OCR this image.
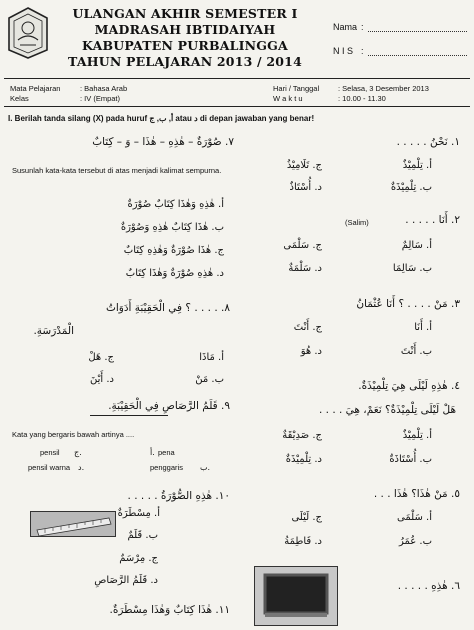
ULANGAN AKHIR SEMESTER I
MADRASAH IBTIDAIYAH
KABUPATEN PURBALINGGA
TAHUN PELAJARAN 2013 / 2014
Nama :
N I S :
Mata Pelajaran	: Bahasa Arab
Kelas	: IV (Empat)
Hari / Tanggal	: Selasa, 3 Desember 2013
W a k t u	: 10.00 - 11.30
I. Berilah tanda silang (X) pada huruf أ, ب, ج atau د di depan jawaban yang benar!
٧. صُوْرَةٌ – هٰذِهِ – هٰذَا – وَ – كِتَابٌ
Susunlah kata-kata tersebut di atas menjadi kalimat sempurna.
أ. هٰذِهِ وَهٰذَا كِتَابٌ صُوْرَةٌ
ب. هٰذَا كِتَابٌ هٰذِهِ وَصُوْرَةٌ
ج. هٰذَا صُوْرَةٌ وَهٰذِهِ كِتَابٌ
د. هٰذِهِ صُوْرَةٌ وَهٰذَا كِتَابٌ
٨. . . . . ؟ فِي الْحَقِيْبَةِ أَدَوَاتُ
الْمَدْرَسَةِ.
أ. مَاذَا
ج. هَلْ
ب. مَنْ
د. أَيْنَ
٩. قَلَمُ الرَّصَاصِ فِي الْحَقِيْبَةِ.
Kata yang bergaris bawah artinya ....
pena
أ.
pensil ج.
penggaris ب.
pensil warna د.
١٠. هٰذِهِ الصُّوْرَةُ . . . . .
أ. مِسْطَرَةٌ
ب. قَلَمٌ
ج. مِرْسَمٌ
د. قَلَمُ الرَّصَاصِ
١١. هٰذَا كِتَابٌ وَهٰذَا مِسْطَرَةٌ.
١. نَحْنُ . . . . .
أ. تِلْمِيْذٌ
ج. تَلَامِيْذُ
ب. تِلْمِيْذَةٌ
د. أُسْتَاذٌ
٢. أَنَا . . . . .
(Salim)
أ. سَالِمٌ
ج. سَلْمَى
ب. سَالِمَا
د. سَلْمَةٌ
٣. مَنْ . . . . ؟ أَنَا عُثْمَانُ
أ. أَنَا
ج. أَنْتَ
ب. أَنْتَ
د. هُوَ
٤. هٰذِهِ لَيْلَى هِيَ تِلْمِيْذَةٌ.
هَلْ لَيْلَى تِلْمِيْذَةٌ؟ نَعَمْ، هِيَ . . . .
أ. تِلْمِيْذٌ
ج. صَدِيْقَةٌ
ب. أُسْتَاذَةٌ
د. تِلْمِيْذَةٌ
٥. مَنْ هٰذَا؟ هٰذَا . . .
أ. سَلْمَى
ج. لَيْلَى
ب. عُمَرُ
د. فَاطِمَةُ
٦. هٰذِهِ . . . . .
